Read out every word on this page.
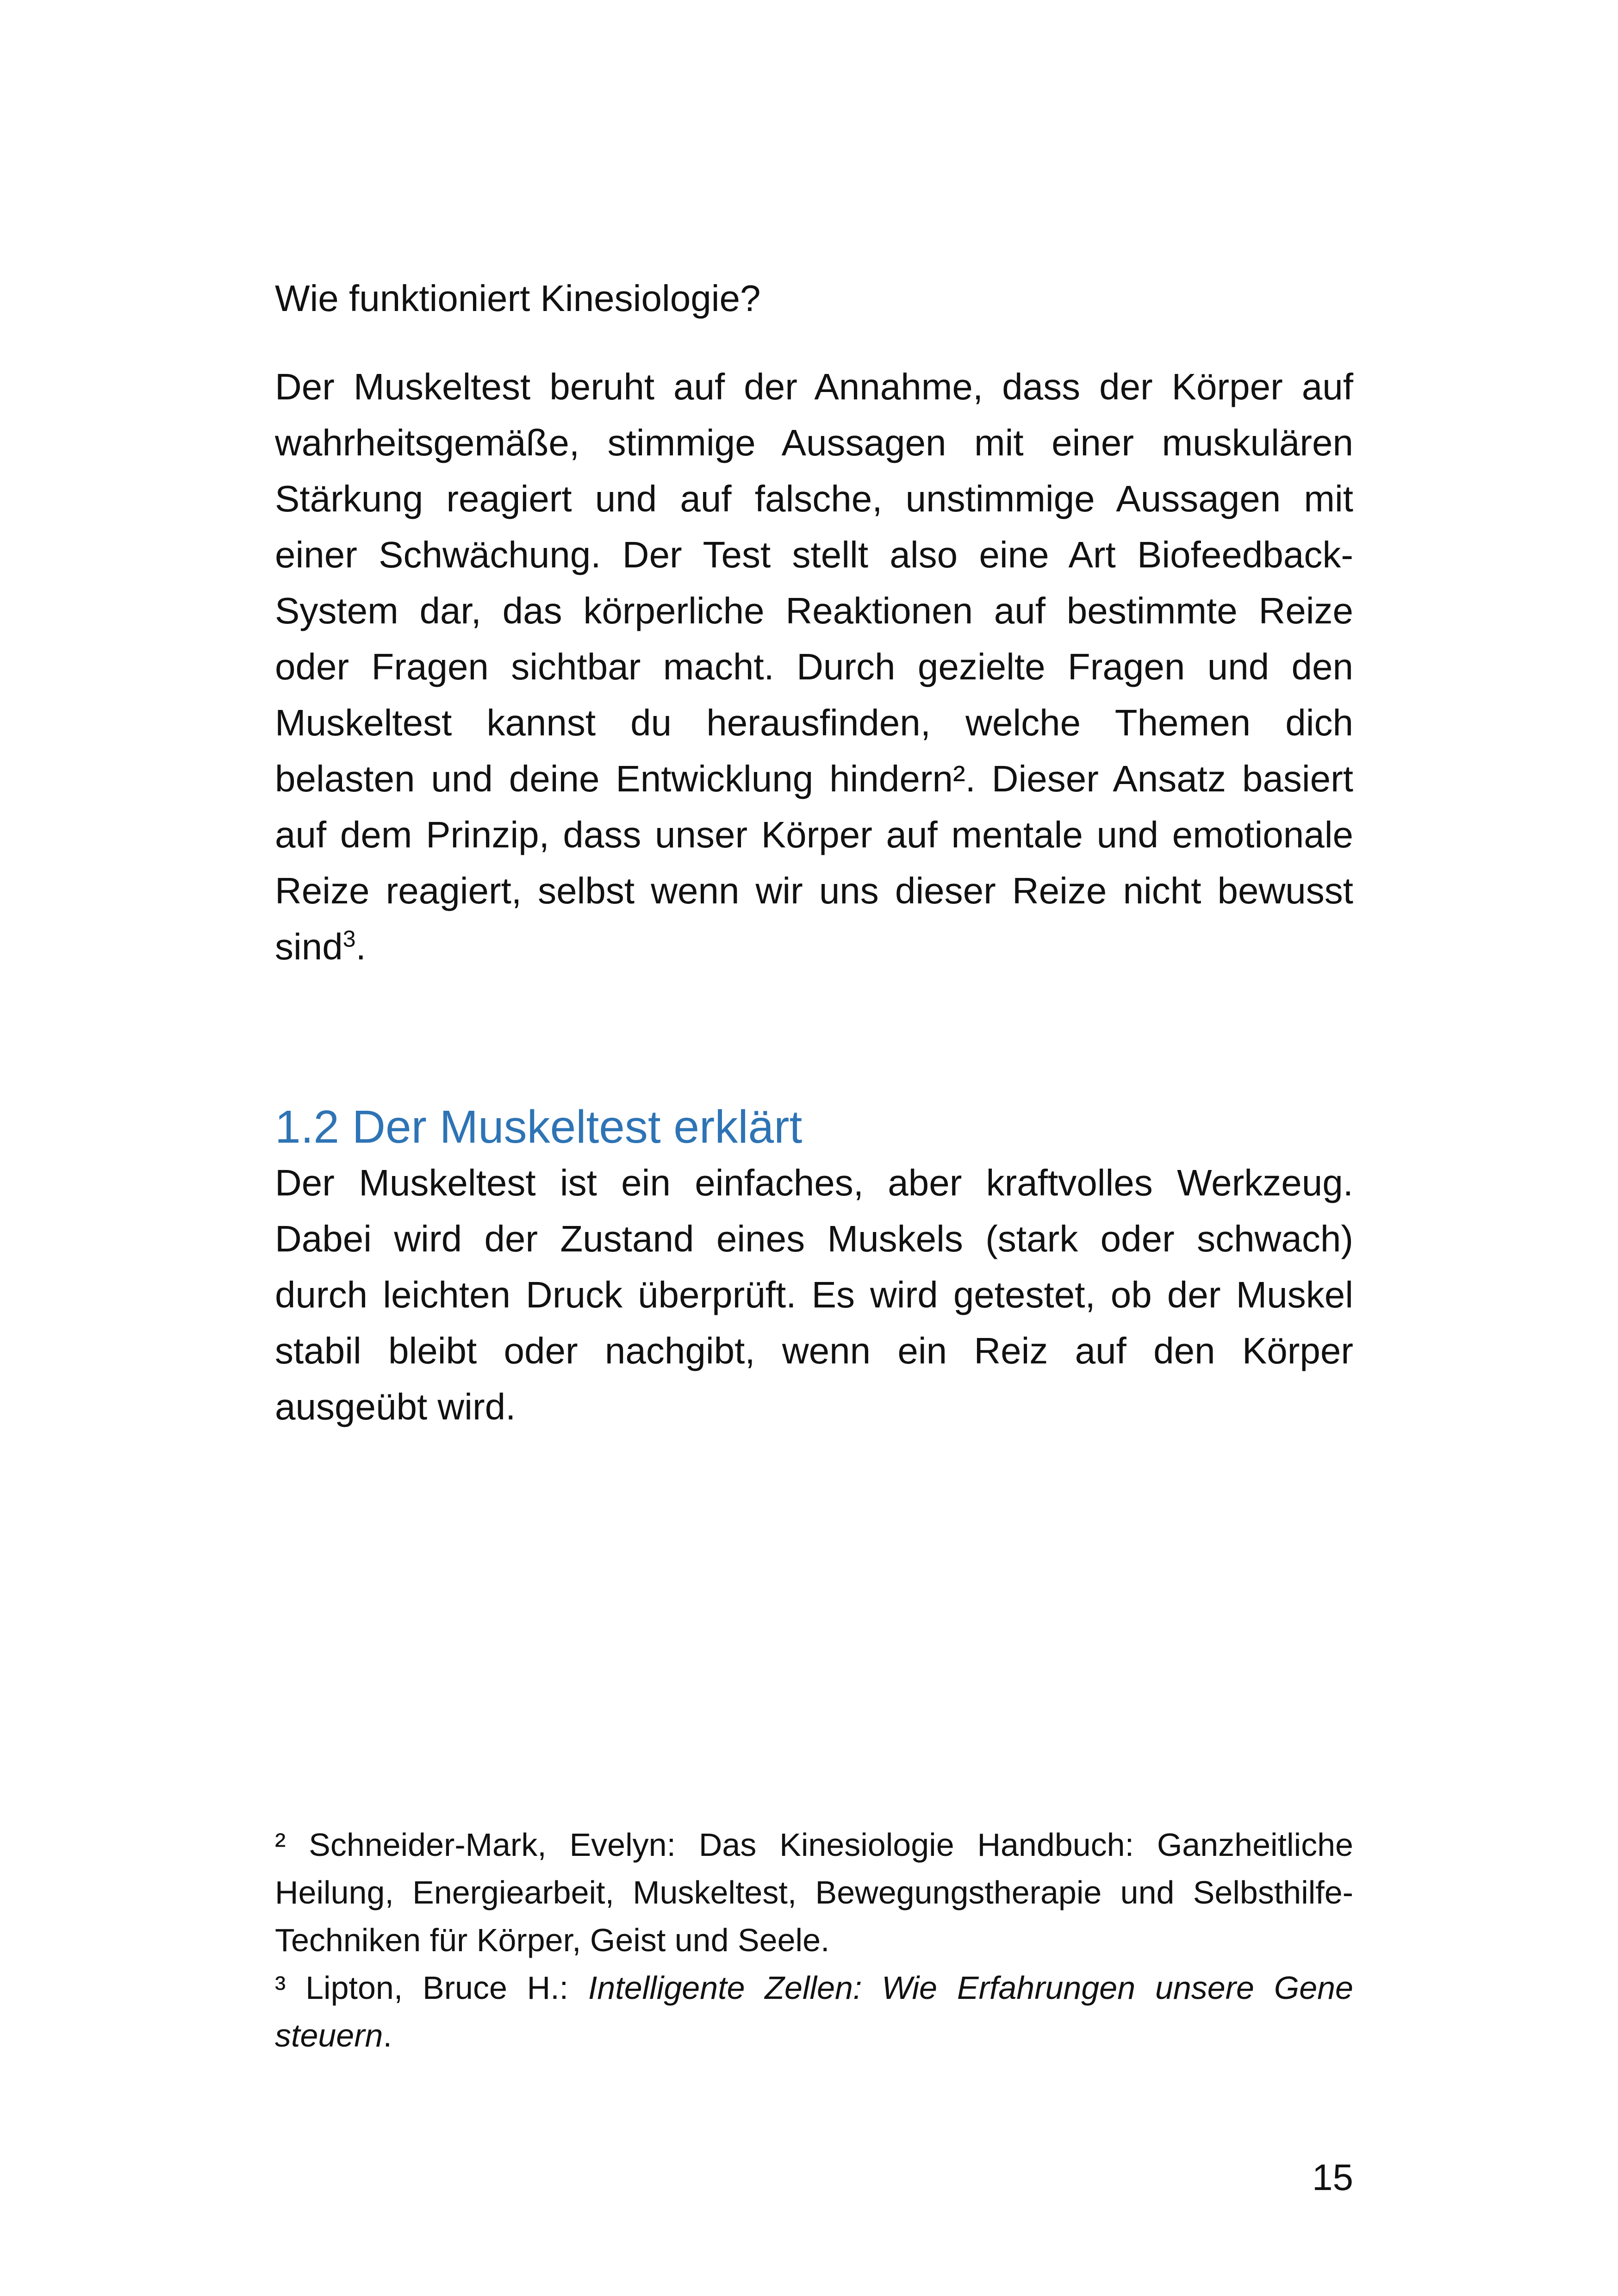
Wie funktioniert Kinesiologie?

Der Muskeltest beruht auf der Annahme, dass der Körper auf wahrheitsgemäße, stimmige Aussagen mit einer muskulären Stärkung reagiert und auf falsche, unstimmige Aussagen mit einer Schwächung. Der Test stellt also eine Art Biofeedback-System dar, das körperliche Reaktionen auf bestimmte Reize oder Fragen sichtbar macht. Durch gezielte Fragen und den Muskeltest kannst du herausfinden, welche Themen dich belasten und deine Entwicklung hindern². Dieser Ansatz basiert auf dem Prinzip, dass unser Körper auf mentale und emotionale Reize reagiert, selbst wenn wir uns dieser Reize nicht bewusst sind$^3$.

1.2 Der Muskeltest erklärt

Der Muskeltest ist ein einfaches, aber kraftvolles Werkzeug. Dabei wird der Zustand eines Muskels (stark oder schwach) durch leichten Druck überprüft. Es wird getestet, ob der Muskel stabil bleibt oder nachgibt, wenn ein Reiz auf den Körper ausgeübt wird.

² Schneider-Mark, Evelyn: Das Kinesiologie Handbuch: Ganzheitliche Heilung, Energiearbeit, Muskeltest, Bewegungstherapie und Selbsthilfe-Techniken für Körper, Geist und Seele.

³ Lipton, Bruce H.: Intelligente Zellen: Wie Erfahrungen unsere Gene steuern.

15
